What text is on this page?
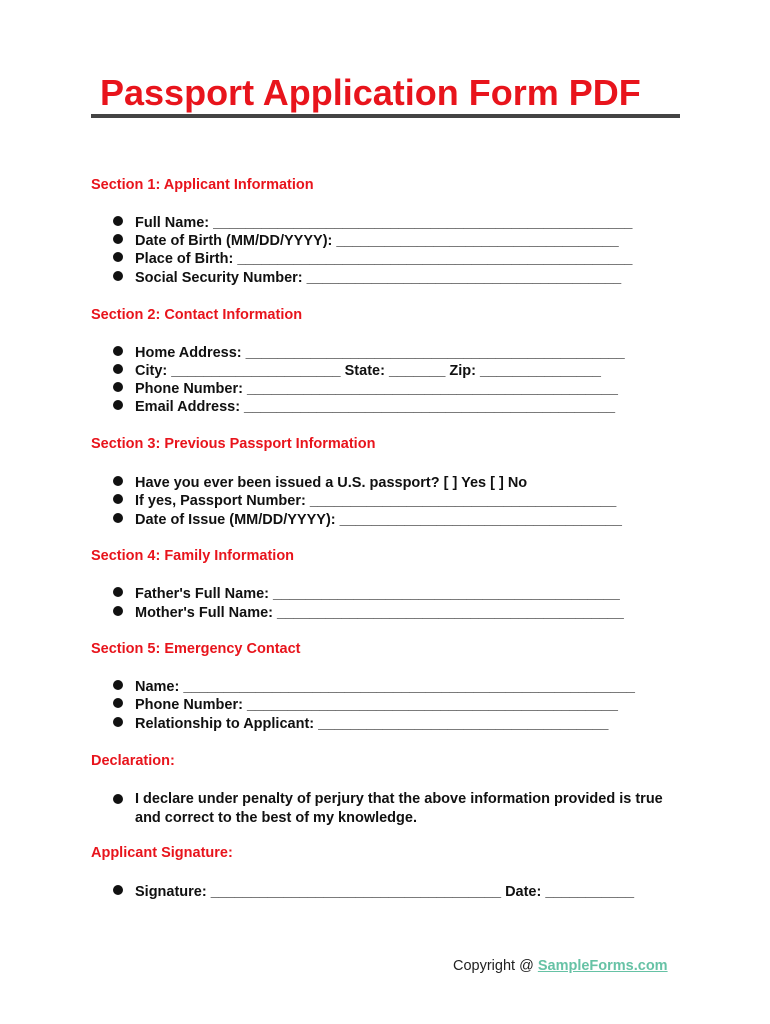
Passport Application Form PDF
Section 1: Applicant Information
Full Name: ____________________________________________________
Date of Birth (MM/DD/YYYY): ___________________________________
Place of Birth: _________________________________________________
Social Security Number: _______________________________________
Section 2: Contact Information
Home Address: _______________________________________________
City: _____________________ State: _______ Zip: _______________
Phone Number: ______________________________________________
Email Address: ______________________________________________
Section 3: Previous Passport Information
Have you ever been issued a U.S. passport? [ ] Yes [ ] No
If yes, Passport Number: ______________________________________
Date of Issue (MM/DD/YYYY): ___________________________________
Section 4: Family Information
Father's Full Name: ___________________________________________
Mother's Full Name: ___________________________________________
Section 5: Emergency Contact
Name: ________________________________________________________
Phone Number: ______________________________________________
Relationship to Applicant: ____________________________________
Declaration:
I declare under penalty of perjury that the above information provided is true and correct to the best of my knowledge.
Applicant Signature:
Signature: ____________________________________ Date: ___________
Copyright @ SampleForms.com
